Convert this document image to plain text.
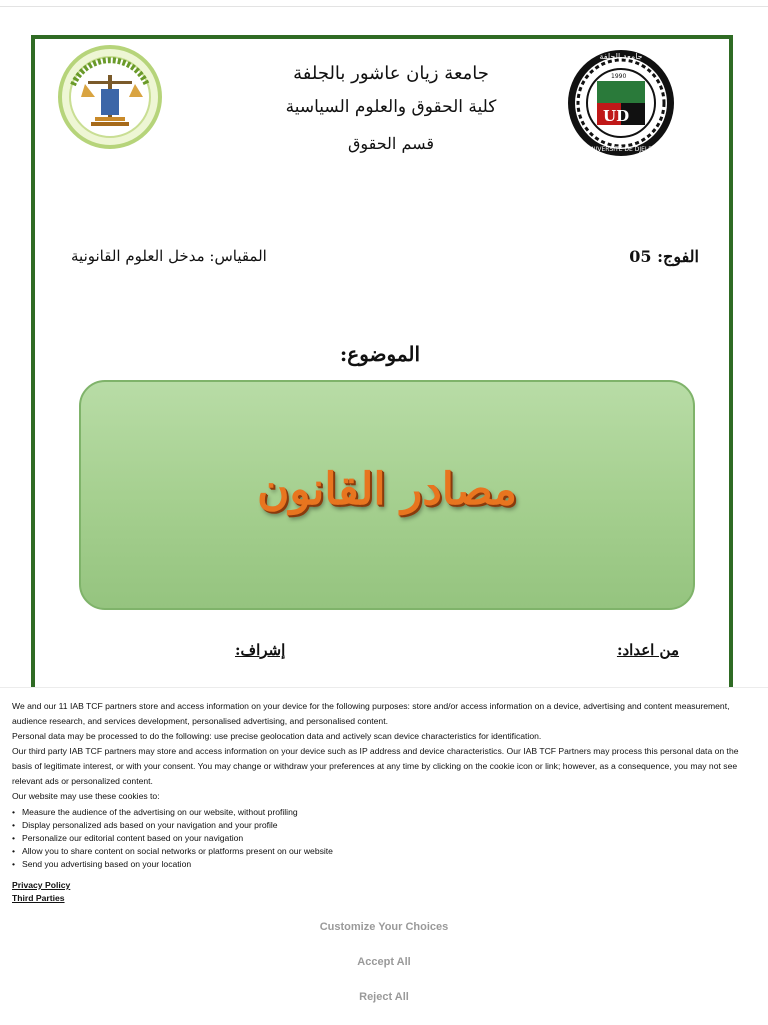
جامعة زيان عاشور بالجلفة
كلية الحقوق والعلوم السياسية
قسم الحقوق
UD
1990
جامعة الجلفة
UNIVERSITE DE DJELFA
الفوج: 05
المقياس: مدخل العلوم القانونية
الموضوع:
مصادر القانون
من اعداد:
إشراف:

We and our 11 IAB TCF partners store and access information on your device for the following purposes: store and/or access information on a device, advertising and content measurement, audience research, and services development, personalised advertising, and personalised content.

Personal data may be processed to do the following: use precise geolocation data and actively scan device characteristics for identification.

Our third party IAB TCF partners may store and access information on your device such as IP address and device characteristics. Our IAB TCF Partners may process this personal data on the basis of legitimate interest, or with your consent. You may change or withdraw your preferences at any time by clicking on the cookie icon or link; however, as a consequence, you may not see relevant ads or personalized content.

Our website may use these cookies to:

• Measure the audience of the advertising on our website, without profiling
• Display personalized ads based on your navigation and your profile
• Personalize our editorial content based on your navigation
• Allow you to share content on social networks or platforms present on our website
• Send you advertising based on your location
Privacy Policy
Third Parties
Customize Your Choices
Accept All
Reject All
